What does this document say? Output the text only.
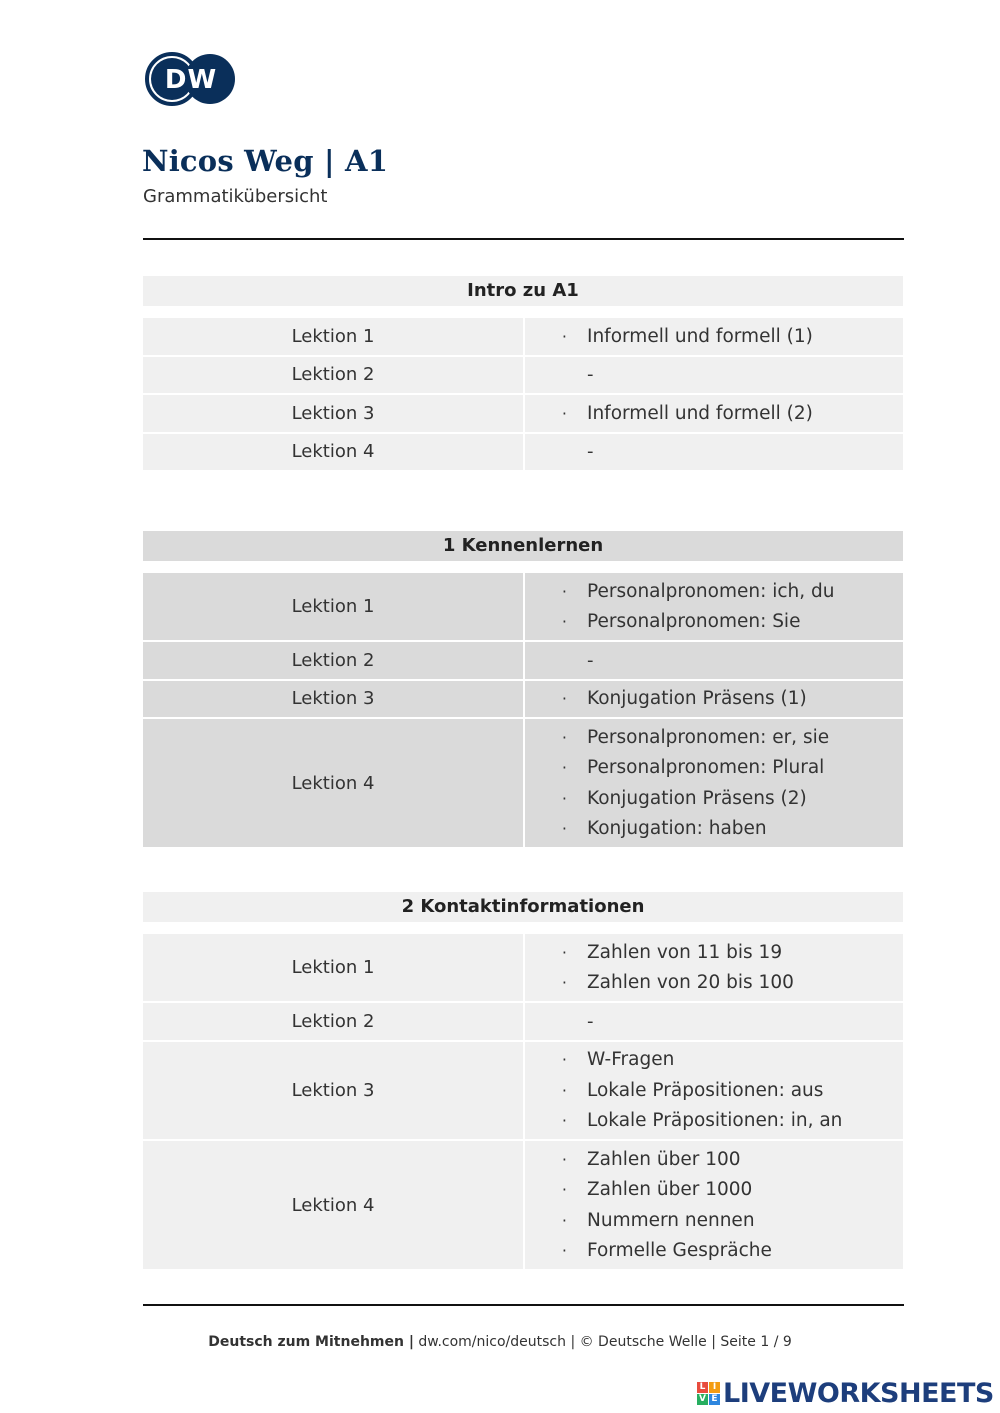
DW
Nicos Weg | A1
Grammatikübersicht
Intro zu A1
Lektion 1	·	Informell und formell (1)
Lektion 2	-
Lektion 3	·	Informell und formell (2)
Lektion 4	-
1 Kennenlernen
Lektion 1
·	Personalpronomen: ich, du
·	Personalpronomen: Sie
Lektion 2	-
Lektion 3	·	Konjugation Präsens (1)
Lektion 4
·	Personalpronomen: er, sie
·	Personalpronomen: Plural
·	Konjugation Präsens (2)
·	Konjugation: haben
2 Kontaktinformationen
Lektion 1
·	Zahlen von 11 bis 19
·	Zahlen von 20 bis 100
Lektion 2	-
Lektion 3
·	W-Fragen
·	Lokale Präpositionen: aus
·	Lokale Präpositionen: in, an
Lektion 4
·	Zahlen über 100
·	Zahlen über 1000
·	Nummern nennen
·	Formelle Gespräche
Deutsch zum Mitnehmen | dw.com/nico/deutsch | © Deutsche Welle | Seite 1 / 9
L I
V E LIVEWORKSHEETS
